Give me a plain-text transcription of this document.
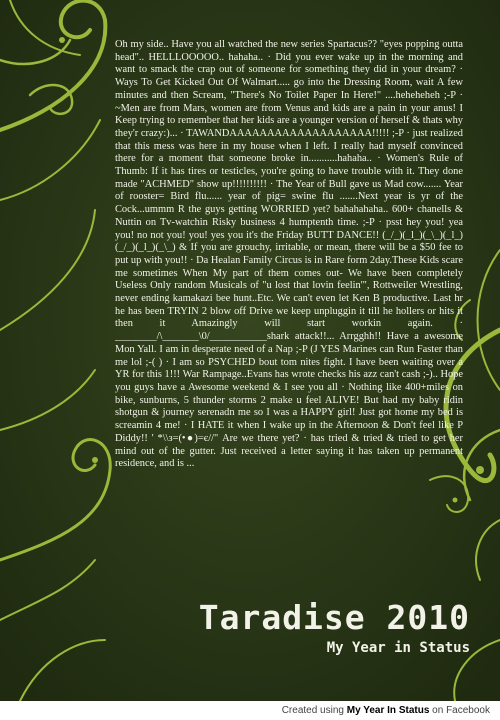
Oh my side.. Have you all watched the new series Spartacus?? "eyes popping outta head".. HELLLOOOOO.. hahaha.. · Did you ever wake up in the morning and want to smack the crap out of someone for something they did in your dream? · Ways To Get Kicked Out Of Walmart..... go into the Dressing Room, wait A few minutes and then Scream, "There's No Toilet Paper In Here!" ....heheheheh ;-P · ~Men are from Mars, women are from Venus and kids are a pain in your anus! I Keep trying to remember that her kids are a younger version of herself & thats why they'r crazy:)... · TAWANDAAAAAAAAAAAAAAAAAAA!!!!! ;-P · just realized that this mess was here in my house when I left. I really had myself convinced there for a moment that someone broke in...........hahaha.. · Women's Rule of Thumb: If it has tires or testicles, you're going to have trouble with it. They done made "ACHMED" show up!!!!!!!!!! · The Year of Bull gave us Mad cow....... Year of rooster= Bird flu...... year of pig= swine flu .......Next year is yr of the Cock...ummm R the guys getting WORRIED yet? bahahahaha.. 600+ chanells & Nuttin on Tv-watchin Risky business 4 humptenth time. ;-P · psst hey you! yea you! no not you! you! yes you it's the Friday BUTT DANCE!! (_/_)(_l_)(_\_)(_l_)(_/_)(_l_)(_\_) & If you are grouchy, irritable, or mean, there will be a $50 fee to put up with you!! · Da Healan Family Circus is in Rare form 2day.These Kids scare me sometimes When My part of them comes out- We have been completely Useless Only random Musicals of "u lost that lovin feelin'", Rottweiler Wrestling, never ending kamakazi bee hunt..Etc. We can't even let Ken B productive. Last hr he has been TRYIN 2 blow off Drive we keep unpluggin it till he hollers or hits it then it Amazingly will start workin again. · ________/\_______\0/___________shark attack!!... Arrgghh!! Have a awesome Mon Yall. I am in desperate need of a Nap ;-P (J YES Marines can Run Faster than me lol ;-( ) · I am so PSYCHED bout tom nites fight. I have been waiting over a YR for this 1!!! War Rampage..Evans has wrote checks his azz can't cash ;-).. Hope you guys have a Awesome weekend & I see you all · Nothing like 400+miles on bike, sunburns, 5 thunder storms 2 make u feel ALIVE! But had my baby ridin shotgun & journey serenadn me so I was a HAPPY girl! Just got home my bed is screamin 4 me! · I HATE it when I wake up in the Afternoon & Don't feel like P Diddy!! ' *\\з=(•●)=є//" Are we there yet? · has tried & tried & tried to get her mind out of the gutter. Just received a letter saying it has taken up permanent residence, and is ...

Taradise 2010
My Year in Status
Created using My Year In Status on Facebook
